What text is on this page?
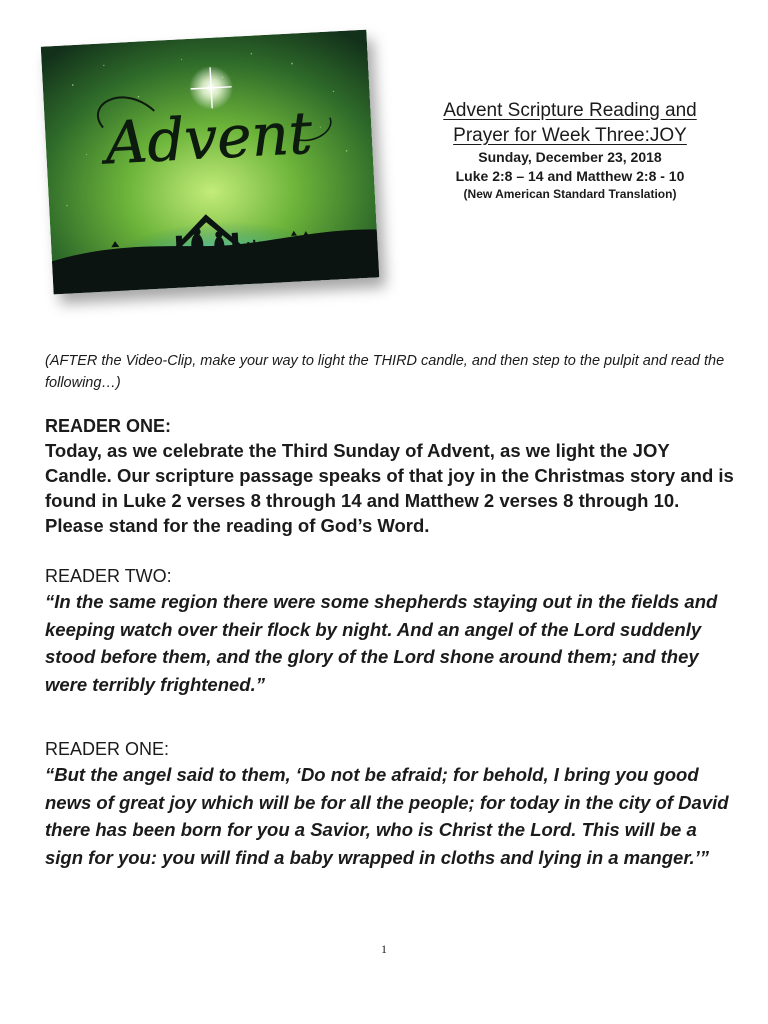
Advent	Advent Scripture Reading and
Prayer for Week Three:JOY
Sunday, December 23, 2018
Luke 2:8 – 14 and Matthew 2:8 - 10
(New American Standard Translation)
(AFTER the Video-Clip, make your way to light the THIRD candle, and then step to the pulpit and read the following…)

READER ONE:

Today, as we celebrate the Third Sunday of Advent, as we light the JOY Candle. Our scripture passage speaks of that joy in the Christmas story and is found in Luke 2 verses 8 through 14 and Matthew 2 verses 8 through 10. Please stand for the reading of God’s Word.

READER TWO:

“In the same region there were some shepherds staying out in the fields and keeping watch over their flock by night. And an angel of the Lord suddenly stood before them, and the glory of the Lord shone around them; and they were terribly frightened.”

READER ONE:

“But the angel said to them, ‘Do not be afraid; for behold, I bring you good news of great joy which will be for all the people; for today in the city of David there has been born for you a Savior, who is Christ the Lord. This will be a sign for you: you will find a baby wrapped in cloths and lying in a manger.’”

1
